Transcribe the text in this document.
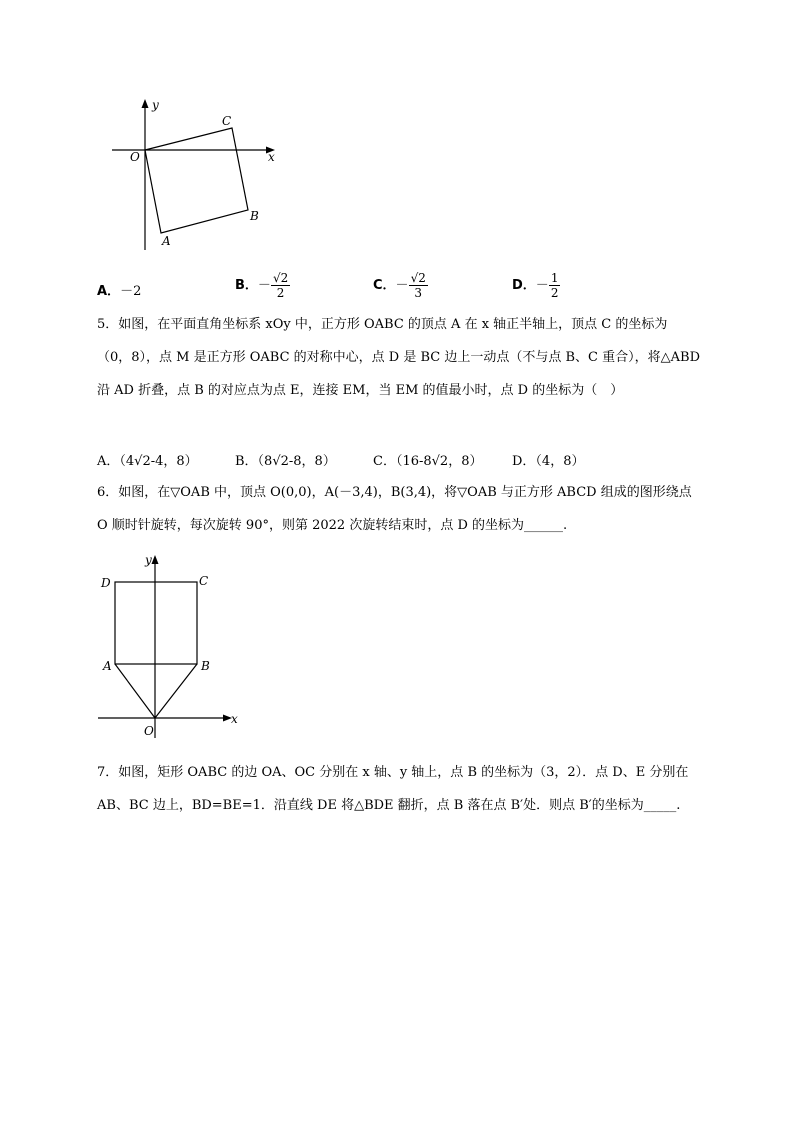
y
x
O
C
B
A
A．－2	B．－ $\frac{√2}{2}$	C．－ $\frac{√2}{3}$	D．－ $\frac{1}{2}$
5．如图，在平面直角坐标系 xOy 中，正方形 OABC 的顶点 A 在 x 轴正半轴上，顶点 C 的坐标为
（0，8），点 M 是正方形 OABC 的对称中心，点 D 是 BC 边上一动点（不与点 B、C 重合），将△ABD
沿 AD 折叠，点 B 的对应点为点 E，连接 EM，当 EM 的值最小时，点 D 的坐标为（　）
A．（4√2-4，8）	B．（8√2-8，8）	C．（16-8√2，8） D．（4，8）
6．如图，在▽OAB 中，顶点 O(0,0)，A(－3,4)，B(3,4)，将▽OAB 与正方形 ABCD 组成的图形绕点
O 顺时针旋转，每次旋转 90°，则第 2022 次旋转结束时，点 D 的坐标为______.
y
x
O
A	B
C
D
7．如图，矩形 OABC 的边 OA、OC 分别在 x 轴、y 轴上，点 B 的坐标为（3，2）．点 D、E 分别在
AB、BC 边上，BD=BE=1．沿直线 DE 将△BDE 翻折，点 B 落在点 B′处．则点 B′的坐标为_____.
